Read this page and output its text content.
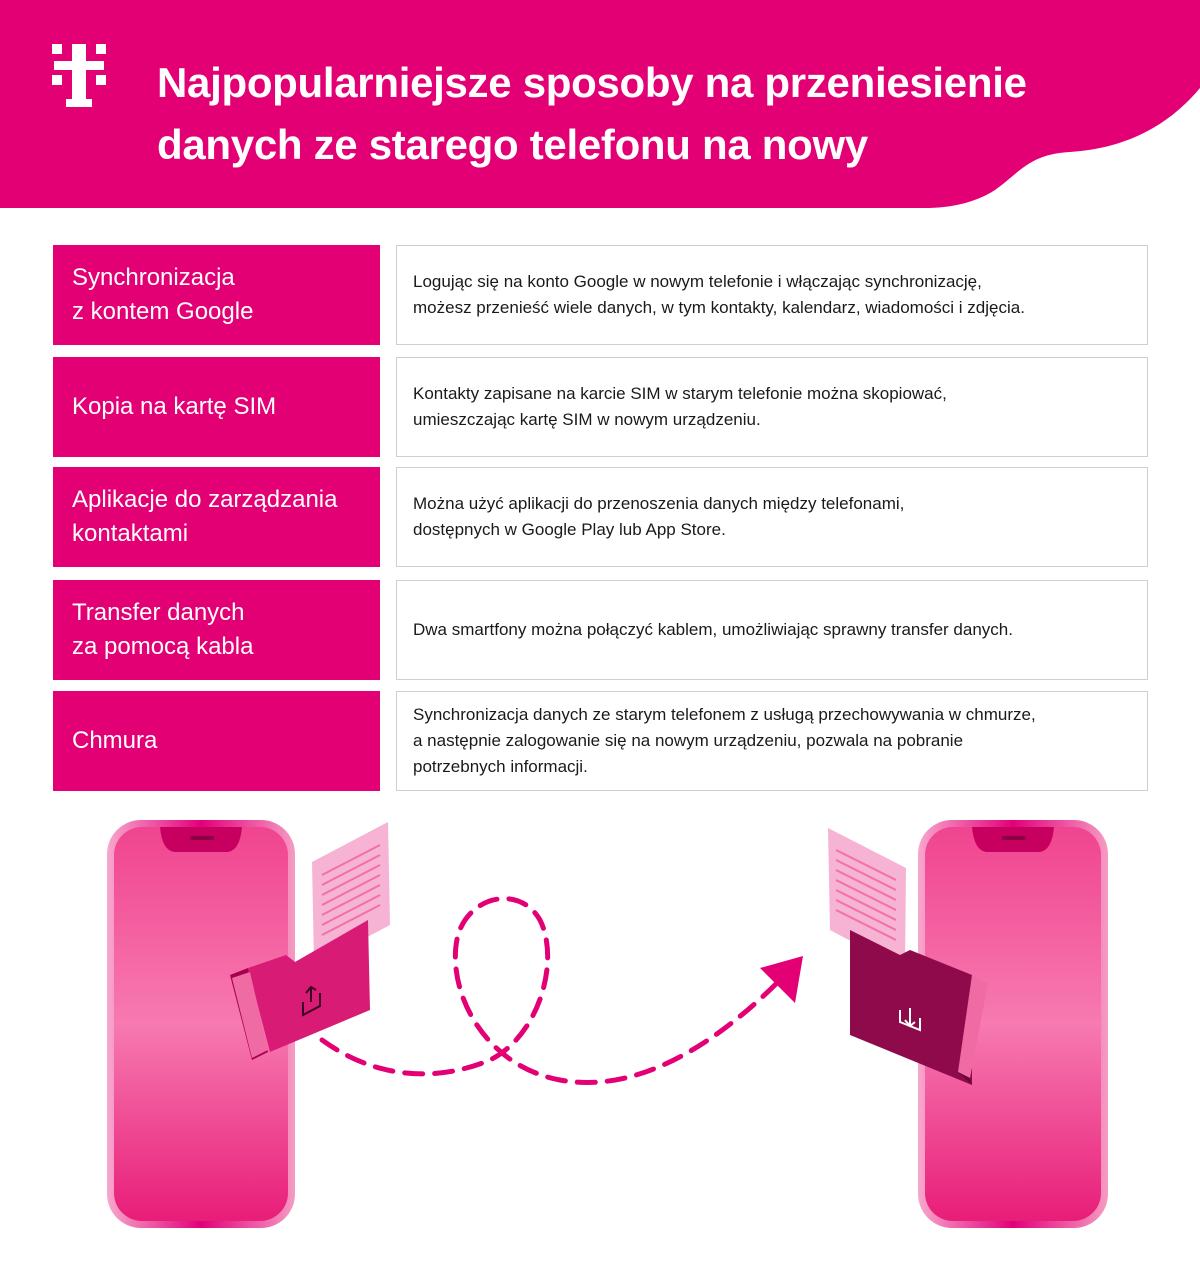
Najpopularniejsze sposoby na przeniesienie
danych ze starego telefonu na nowy
Synchronizacja
z kontem Google
Logując się na konto Google w nowym telefonie i włączając synchronizację,
możesz przenieść wiele danych, w tym kontakty, kalendarz, wiadomości i zdjęcia.
Kopia na kartę SIM	Kontakty zapisane na karcie SIM w starym telefonie można skopiować,
umieszczając kartę SIM w nowym urządzeniu.
Aplikacje do zarządzania
kontaktami
Można użyć aplikacji do przenoszenia danych między telefonami,
dostępnych w Google Play lub App Store.
Transfer danych
za pomocą kabla
Dwa smartfony można połączyć kablem, umożliwiając sprawny transfer danych.
Chmura
Synchronizacja danych ze starym telefonem z usługą przechowywania w chmurze,
a następnie zalogowanie się na nowym urządzeniu, pozwala na pobranie
potrzebnych informacji.
